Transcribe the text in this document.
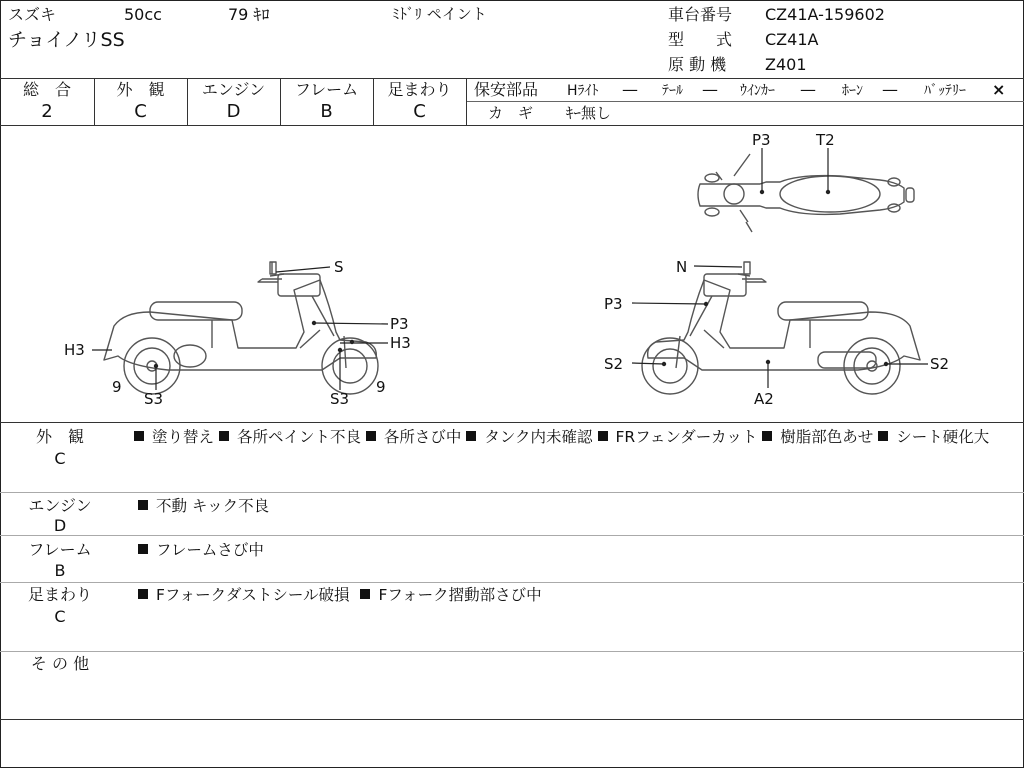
スズキ	50cc	79 ｷﾛ	ﾐﾄﾞﾘ ペイント
チョイノリSS
車台番号 CZ41A-159602
型　　式 CZ41A
原 動 機 Z401
総　合
2
外　観
C
エンジン
D
フレーム
B
足まわり
C
保安部品 Hﾗｲﾄ — ﾃｰﾙ — ｳｲﾝｶｰ — ﾎｰﾝ — ﾊﾞｯﾃﾘｰ ×
カ　ギ ｷｰ無し
S
P3
H3
H3
9
S3	S3
9
N
P3
S2
A2
S2
P3	T2
外　観
C
塗り替え 各所ペイント不良 各所さび中 タンク内未確認 FRフェンダーカット 樹脂部色あせ シート硬化大
エンジン
D
不動 キック不良
フレーム
B
フレームさび中
足まわり
C
Fフォークダストシール破損 Fフォーク摺動部さび中
そ の 他
